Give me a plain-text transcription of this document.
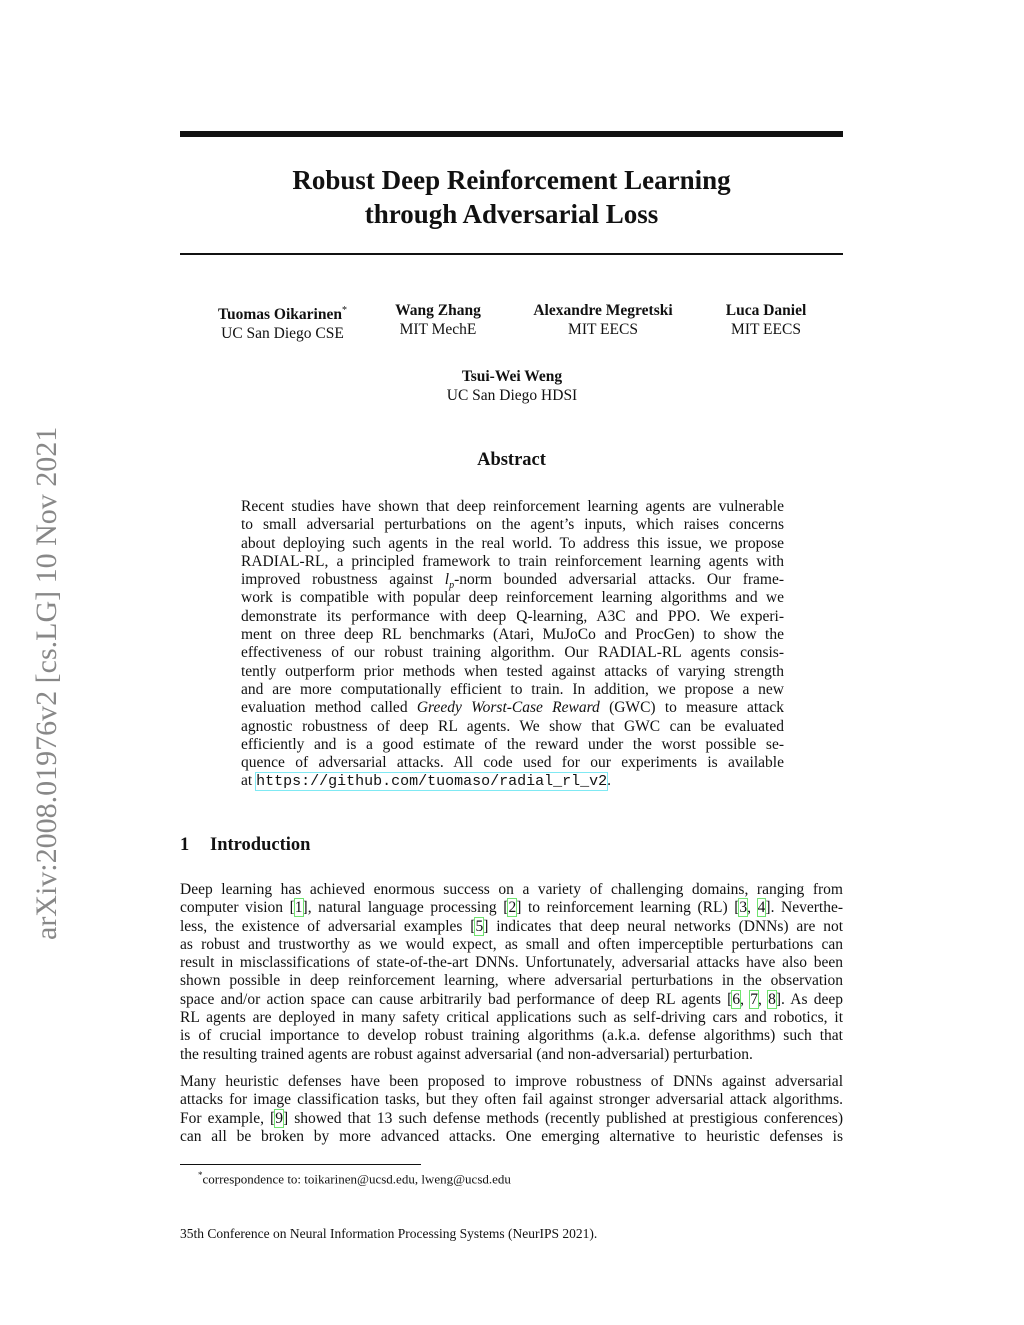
arXiv:2008.01976v2 [cs.LG] 10 Nov 2021
Robust Deep Reinforcement Learning
through Adversarial Loss
Tuomas Oikarinen*
UC San Diego CSE
Wang Zhang
MIT MechE
Alexandre Megretski
MIT EECS
Luca Daniel
MIT EECS
Tsui-Wei Weng
UC San Diego HDSI
Abstract
Recent studies have shown that deep reinforcement learning agents are vulnerable
to small adversarial perturbations on the agent’s inputs, which raises concerns
about deploying such agents in the real world. To address this issue, we propose
RADIAL-RL, a principled framework to train reinforcement learning agents with
improved robustness against $l_p$-norm bounded adversarial attacks. Our frame-
work is compatible with popular deep reinforcement learning algorithms and we
demonstrate its performance with deep Q-learning, A3C and PPO. We experi-
ment on three deep RL benchmarks (Atari, MuJoCo and ProcGen) to show the
effectiveness of our robust training algorithm. Our RADIAL-RL agents consis-
tently outperform prior methods when tested against attacks of varying strength
and are more computationally efficient to train. In addition, we propose a new
evaluation method called Greedy Worst-Case Reward (GWC) to measure attack
agnostic robustness of deep RL agents. We show that GWC can be evaluated
efficiently and is a good estimate of the reward under the worst possible se-
quence of adversarial attacks. All code used for our experiments is available
at https://github.com/tuomaso/radial_rl_v2.
1 Introduction
Deep learning has achieved enormous success on a variety of challenging domains, ranging from
computer vision [1], natural language processing [2] to reinforcement learning (RL) [3, 4]. Neverthe-
less, the existence of adversarial examples [5] indicates that deep neural networks (DNNs) are not
as robust and trustworthy as we would expect, as small and often imperceptible perturbations can
result in misclassifications of state-of-the-art DNNs. Unfortunately, adversarial attacks have also been
shown possible in deep reinforcement learning, where adversarial perturbations in the observation
space and/or action space can cause arbitrarily bad performance of deep RL agents [6, 7, 8]. As deep
RL agents are deployed in many safety critical applications such as self-driving cars and robotics, it
is of crucial importance to develop robust training algorithms (a.k.a. defense algorithms) such that
the resulting trained agents are robust against adversarial (and non-adversarial) perturbation.
Many heuristic defenses have been proposed to improve robustness of DNNs against adversarial
attacks for image classification tasks, but they often fail against stronger adversarial attack algorithms.
For example, [9] showed that 13 such defense methods (recently published at prestigious conferences)
can all be broken by more advanced attacks. One emerging alternative to heuristic defenses is
*correspondence to: toikarinen@ucsd.edu, lweng@ucsd.edu
35th Conference on Neural Information Processing Systems (NeurIPS 2021).
